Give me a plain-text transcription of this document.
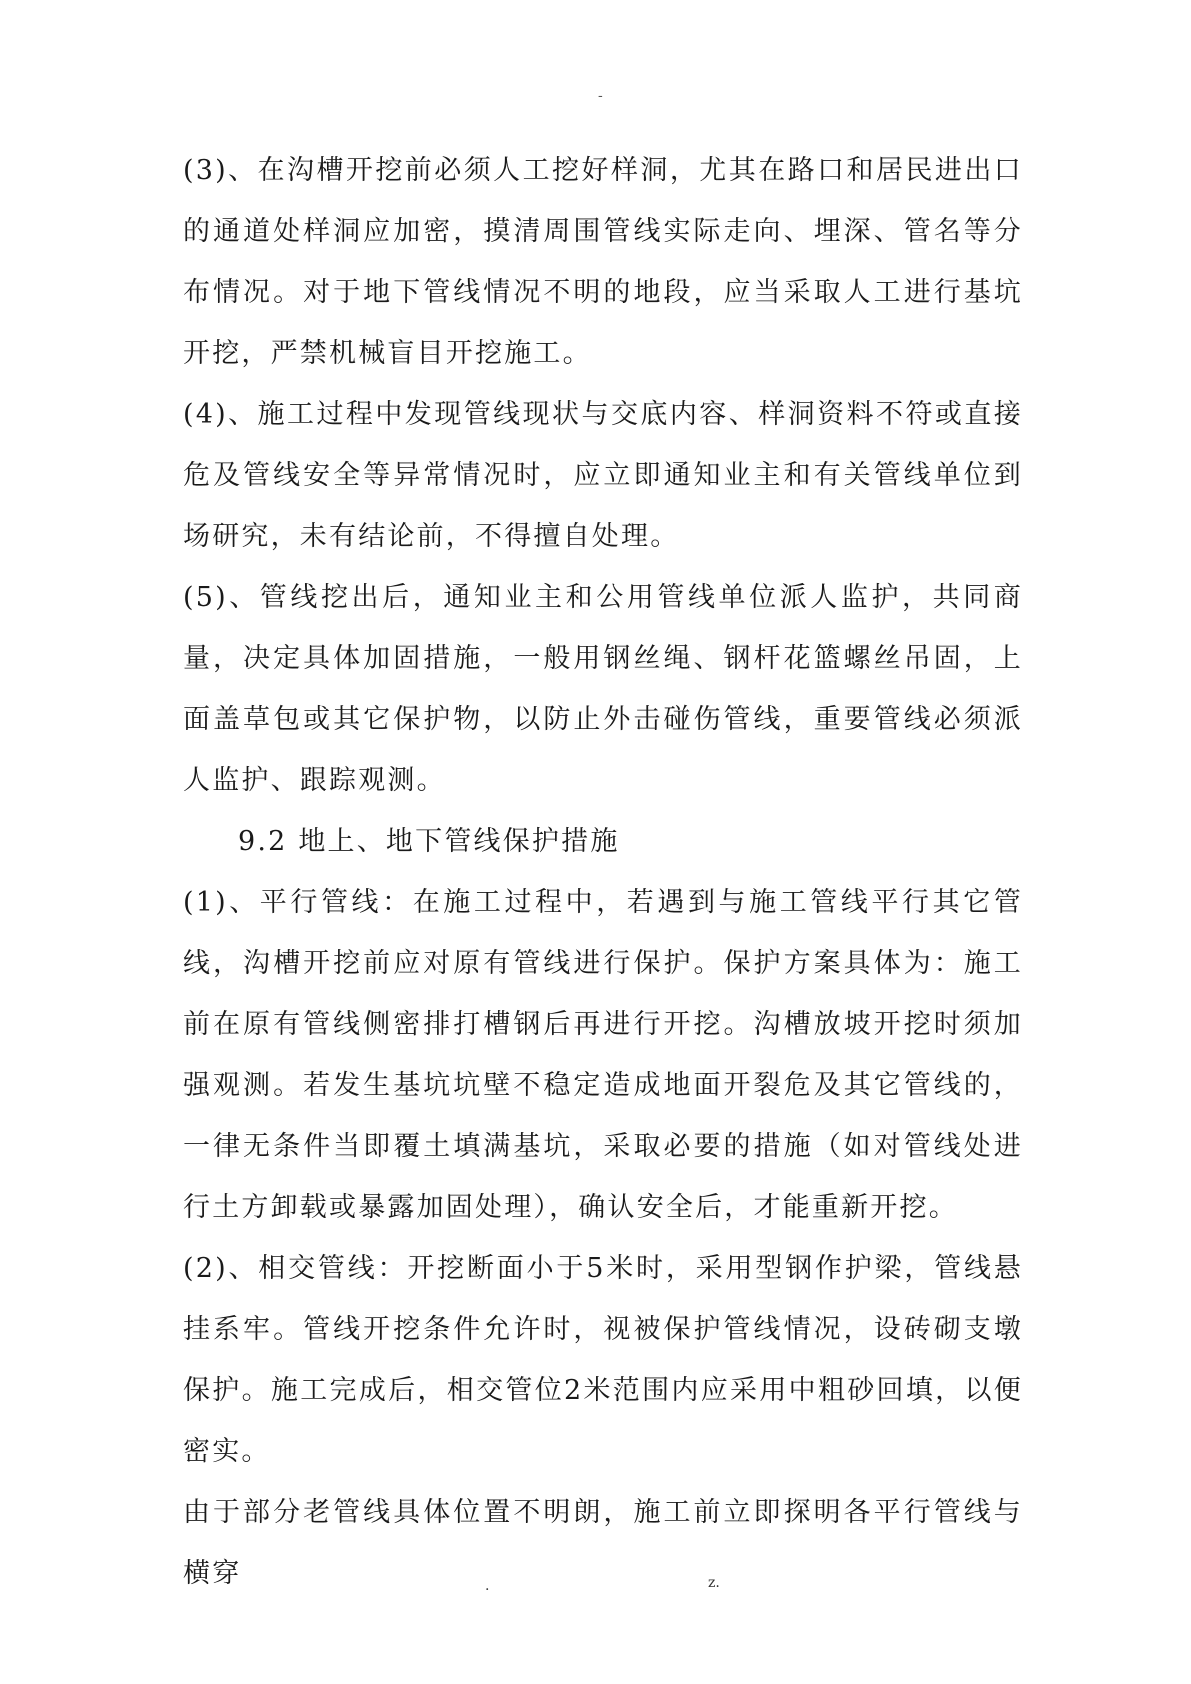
-

(3)、在沟槽开挖前必须人工挖好样洞，尤其在路口和居民进出口的通道处样洞应加密，摸清周围管线实际走向、埋深、管名等分布情况。对于地下管线情况不明的地段，应当采取人工进行基坑开挖，严禁机械盲目开挖施工。

(4)、施工过程中发现管线现状与交底内容、样洞资料不符或直接危及管线安全等异常情况时，应立即通知业主和有关管线单位到场研究，未有结论前，不得擅自处理。

(5)、管线挖出后，通知业主和公用管线单位派人监护，共同商量，决定具体加固措施，一般用钢丝绳、钢杆花篮螺丝吊固，上面盖草包或其它保护物，以防止外击碰伤管线，重要管线必须派人监护、跟踪观测。

9.2 地上、地下管线保护措施

(1)、平行管线：在施工过程中，若遇到与施工管线平行其它管线，沟槽开挖前应对原有管线进行保护。保护方案具体为：施工前在原有管线侧密排打槽钢后再进行开挖。沟槽放坡开挖时须加强观测。若发生基坑坑壁不稳定造成地面开裂危及其它管线的，一律无条件当即覆土填满基坑，采取必要的措施（如对管线处进行土方卸载或暴露加固处理），确认安全后，才能重新开挖。

(2)、相交管线：开挖断面小于5米时，采用型钢作护梁，管线悬挂系牢。管线开挖条件允许时，视被保护管线情况，设砖砌支墩保护。施工完成后，相交管位2米范围内应采用中粗砂回填，以便密实。

由于部分老管线具体位置不明朗，施工前立即探明各平行管线与横穿	.	z.
